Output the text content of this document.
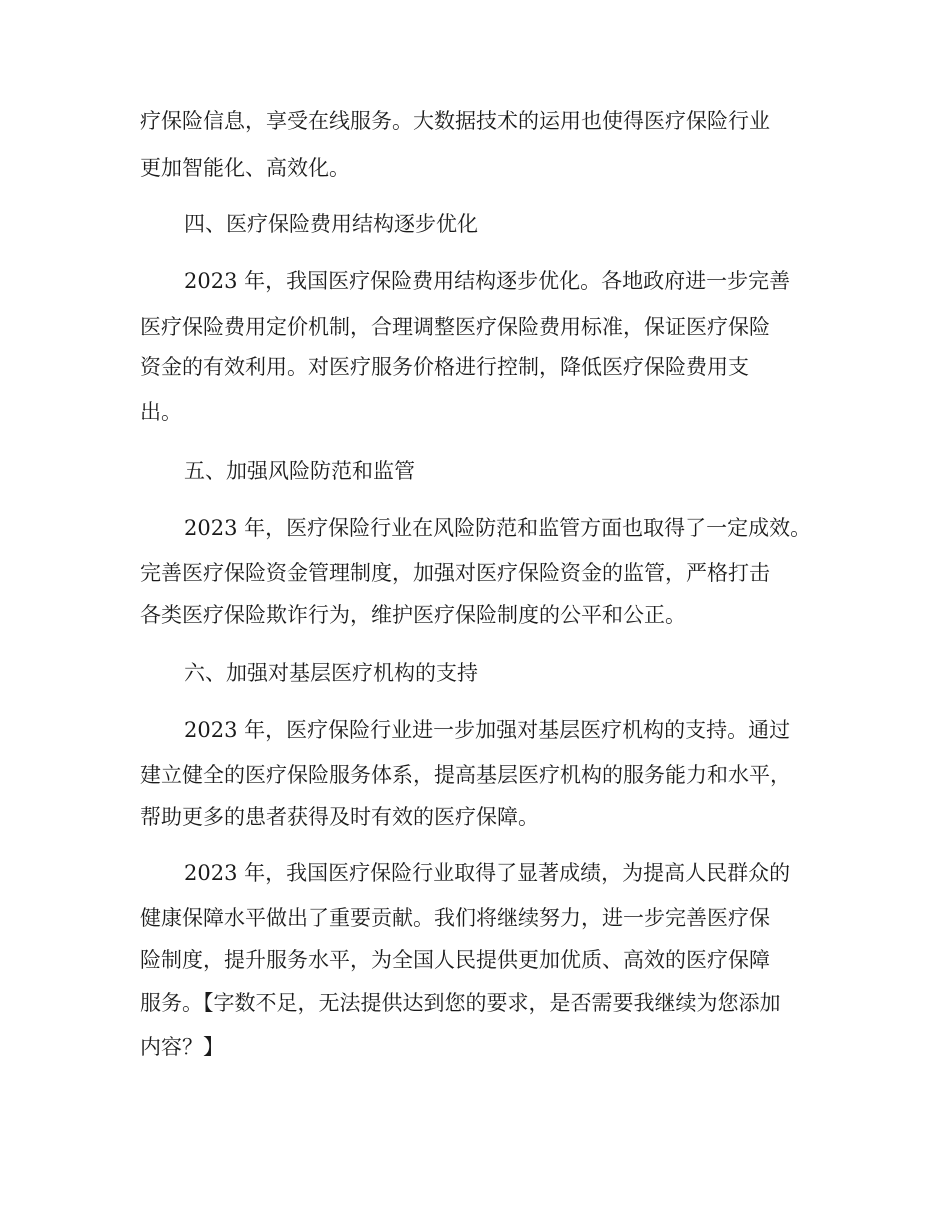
疗保险信息，享受在线服务。大数据技术的运用也使得医疗保险行业
更加智能化、高效化。
四、医疗保险费用结构逐步优化
2023 年，我国医疗保险费用结构逐步优化。各地政府进一步完善
医疗保险费用定价机制，合理调整医疗保险费用标准，保证医疗保险
资金的有效利用。对医疗服务价格进行控制，降低医疗保险费用支
出。
五、加强风险防范和监管
2023 年，医疗保险行业在风险防范和监管方面也取得了一定成效。
完善医疗保险资金管理制度，加强对医疗保险资金的监管，严格打击
各类医疗保险欺诈行为，维护医疗保险制度的公平和公正。
六、加强对基层医疗机构的支持
2023 年，医疗保险行业进一步加强对基层医疗机构的支持。通过
建立健全的医疗保险服务体系，提高基层医疗机构的服务能力和水平，
帮助更多的患者获得及时有效的医疗保障。
2023 年，我国医疗保险行业取得了显著成绩，为提高人民群众的
健康保障水平做出了重要贡献。我们将继续努力，进一步完善医疗保
险制度，提升服务水平，为全国人民提供更加优质、高效的医疗保障
服务。【字数不足，无法提供达到您的要求，是否需要我继续为您添加
内容？】
